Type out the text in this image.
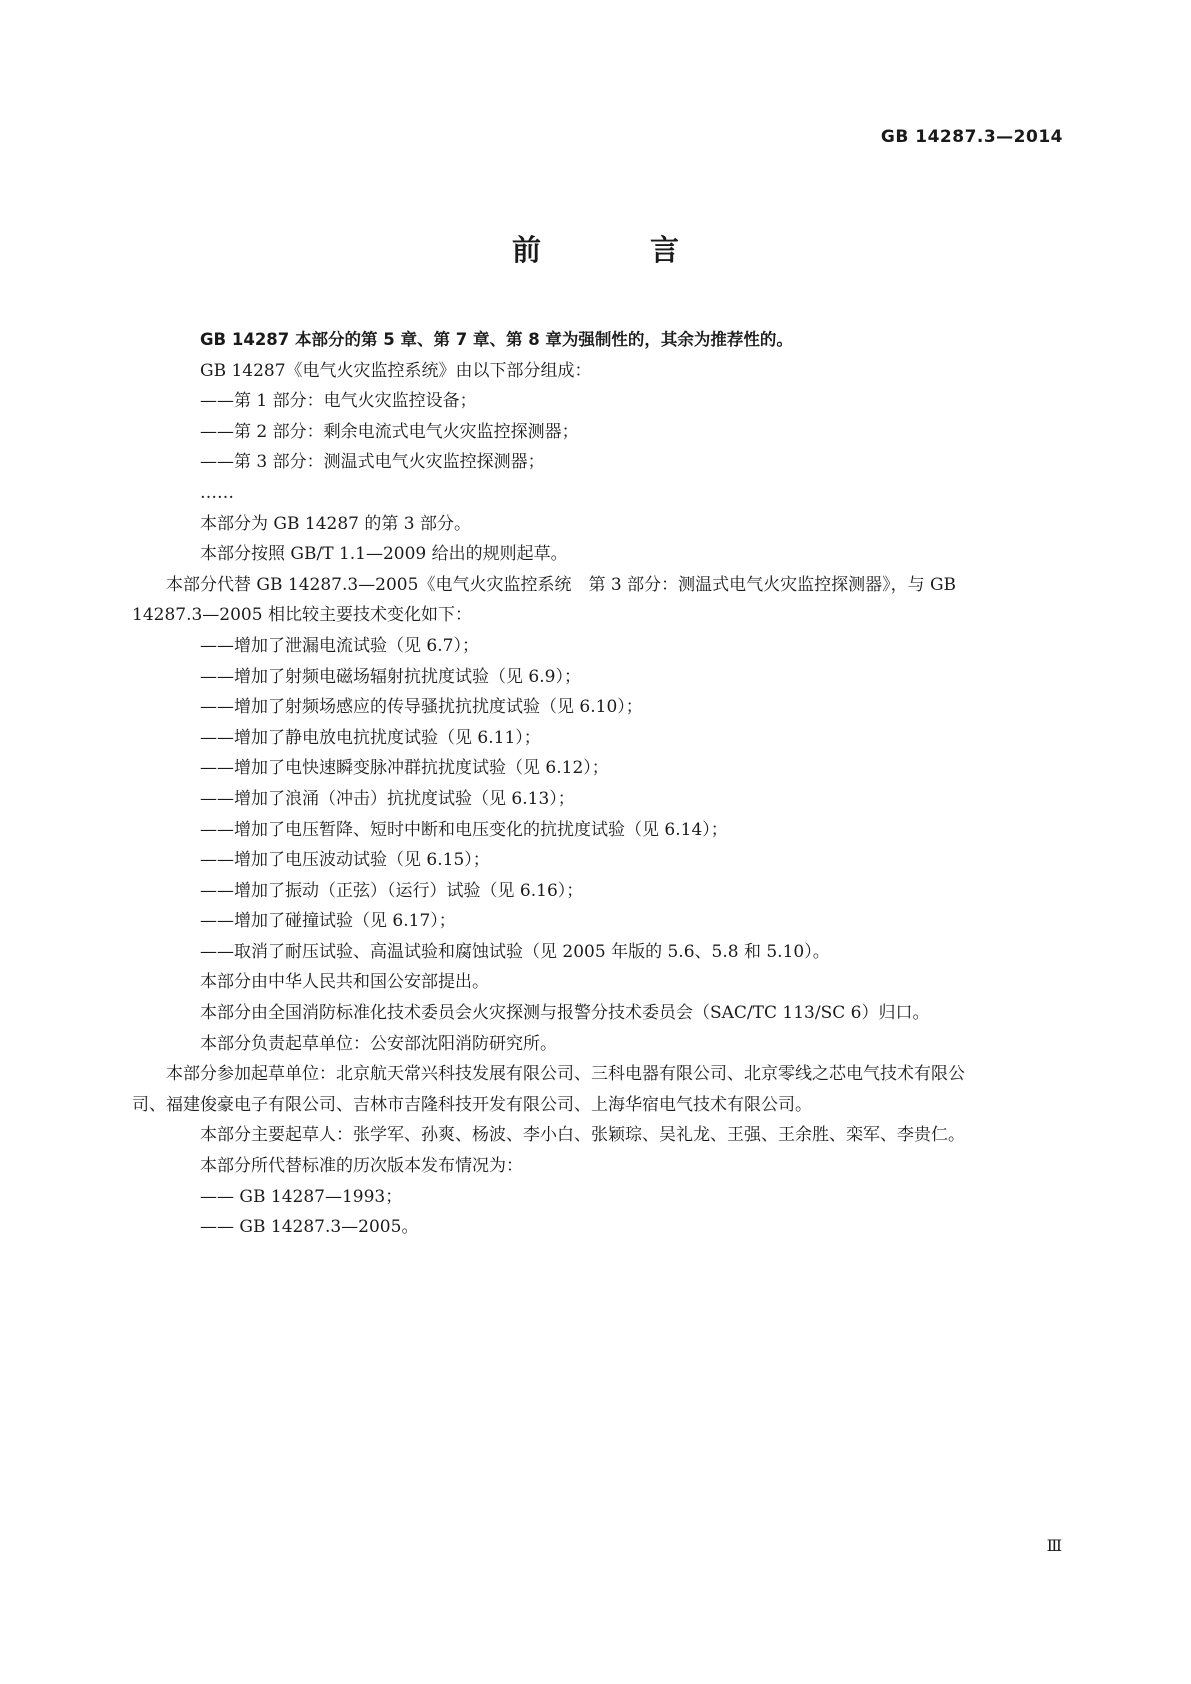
GB 14287.3—2014
前　言

GB 14287 本部分的第 5 章、第 7 章、第 8 章为强制性的，其余为推荐性的。

GB 14287《电气火灾监控系统》由以下部分组成：

——第 1 部分：电气火灾监控设备；

——第 2 部分：剩余电流式电气火灾监控探测器；

——第 3 部分：测温式电气火灾监控探测器；

……

本部分为 GB 14287 的第 3 部分。

本部分按照 GB/T 1.1—2009 给出的规则起草。

本部分代替 GB 14287.3—2005《电气火灾监控系统　第 3 部分：测温式电气火灾监控探测器》，与 GB 14287.3—2005 相比较主要技术变化如下：

——增加了泄漏电流试验（见 6.7）；

——增加了射频电磁场辐射抗扰度试验（见 6.9）；

——增加了射频场感应的传导骚扰抗扰度试验（见 6.10）；

——增加了静电放电抗扰度试验（见 6.11）；

——增加了电快速瞬变脉冲群抗扰度试验（见 6.12）；

——增加了浪涌（冲击）抗扰度试验（见 6.13）；

——增加了电压暂降、短时中断和电压变化的抗扰度试验（见 6.14）；

——增加了电压波动试验（见 6.15）；

——增加了振动（正弦）（运行）试验（见 6.16）；

——增加了碰撞试验（见 6.17）；

——取消了耐压试验、高温试验和腐蚀试验（见 2005 年版的 5.6、5.8 和 5.10）。

本部分由中华人民共和国公安部提出。

本部分由全国消防标准化技术委员会火灾探测与报警分技术委员会（SAC/TC 113/SC 6）归口。

本部分负责起草单位：公安部沈阳消防研究所。

本部分参加起草单位：北京航天常兴科技发展有限公司、三科电器有限公司、北京零线之芯电气技术有限公司、福建俊豪电子有限公司、吉林市吉隆科技开发有限公司、上海华宿电气技术有限公司。

本部分主要起草人：张学军、孙爽、杨波、李小白、张颖琮、吴礼龙、王强、王余胜、栾军、李贵仁。

本部分所代替标准的历次版本发布情况为：

—— GB 14287—1993；

—— GB 14287.3—2005。

Ⅲ
